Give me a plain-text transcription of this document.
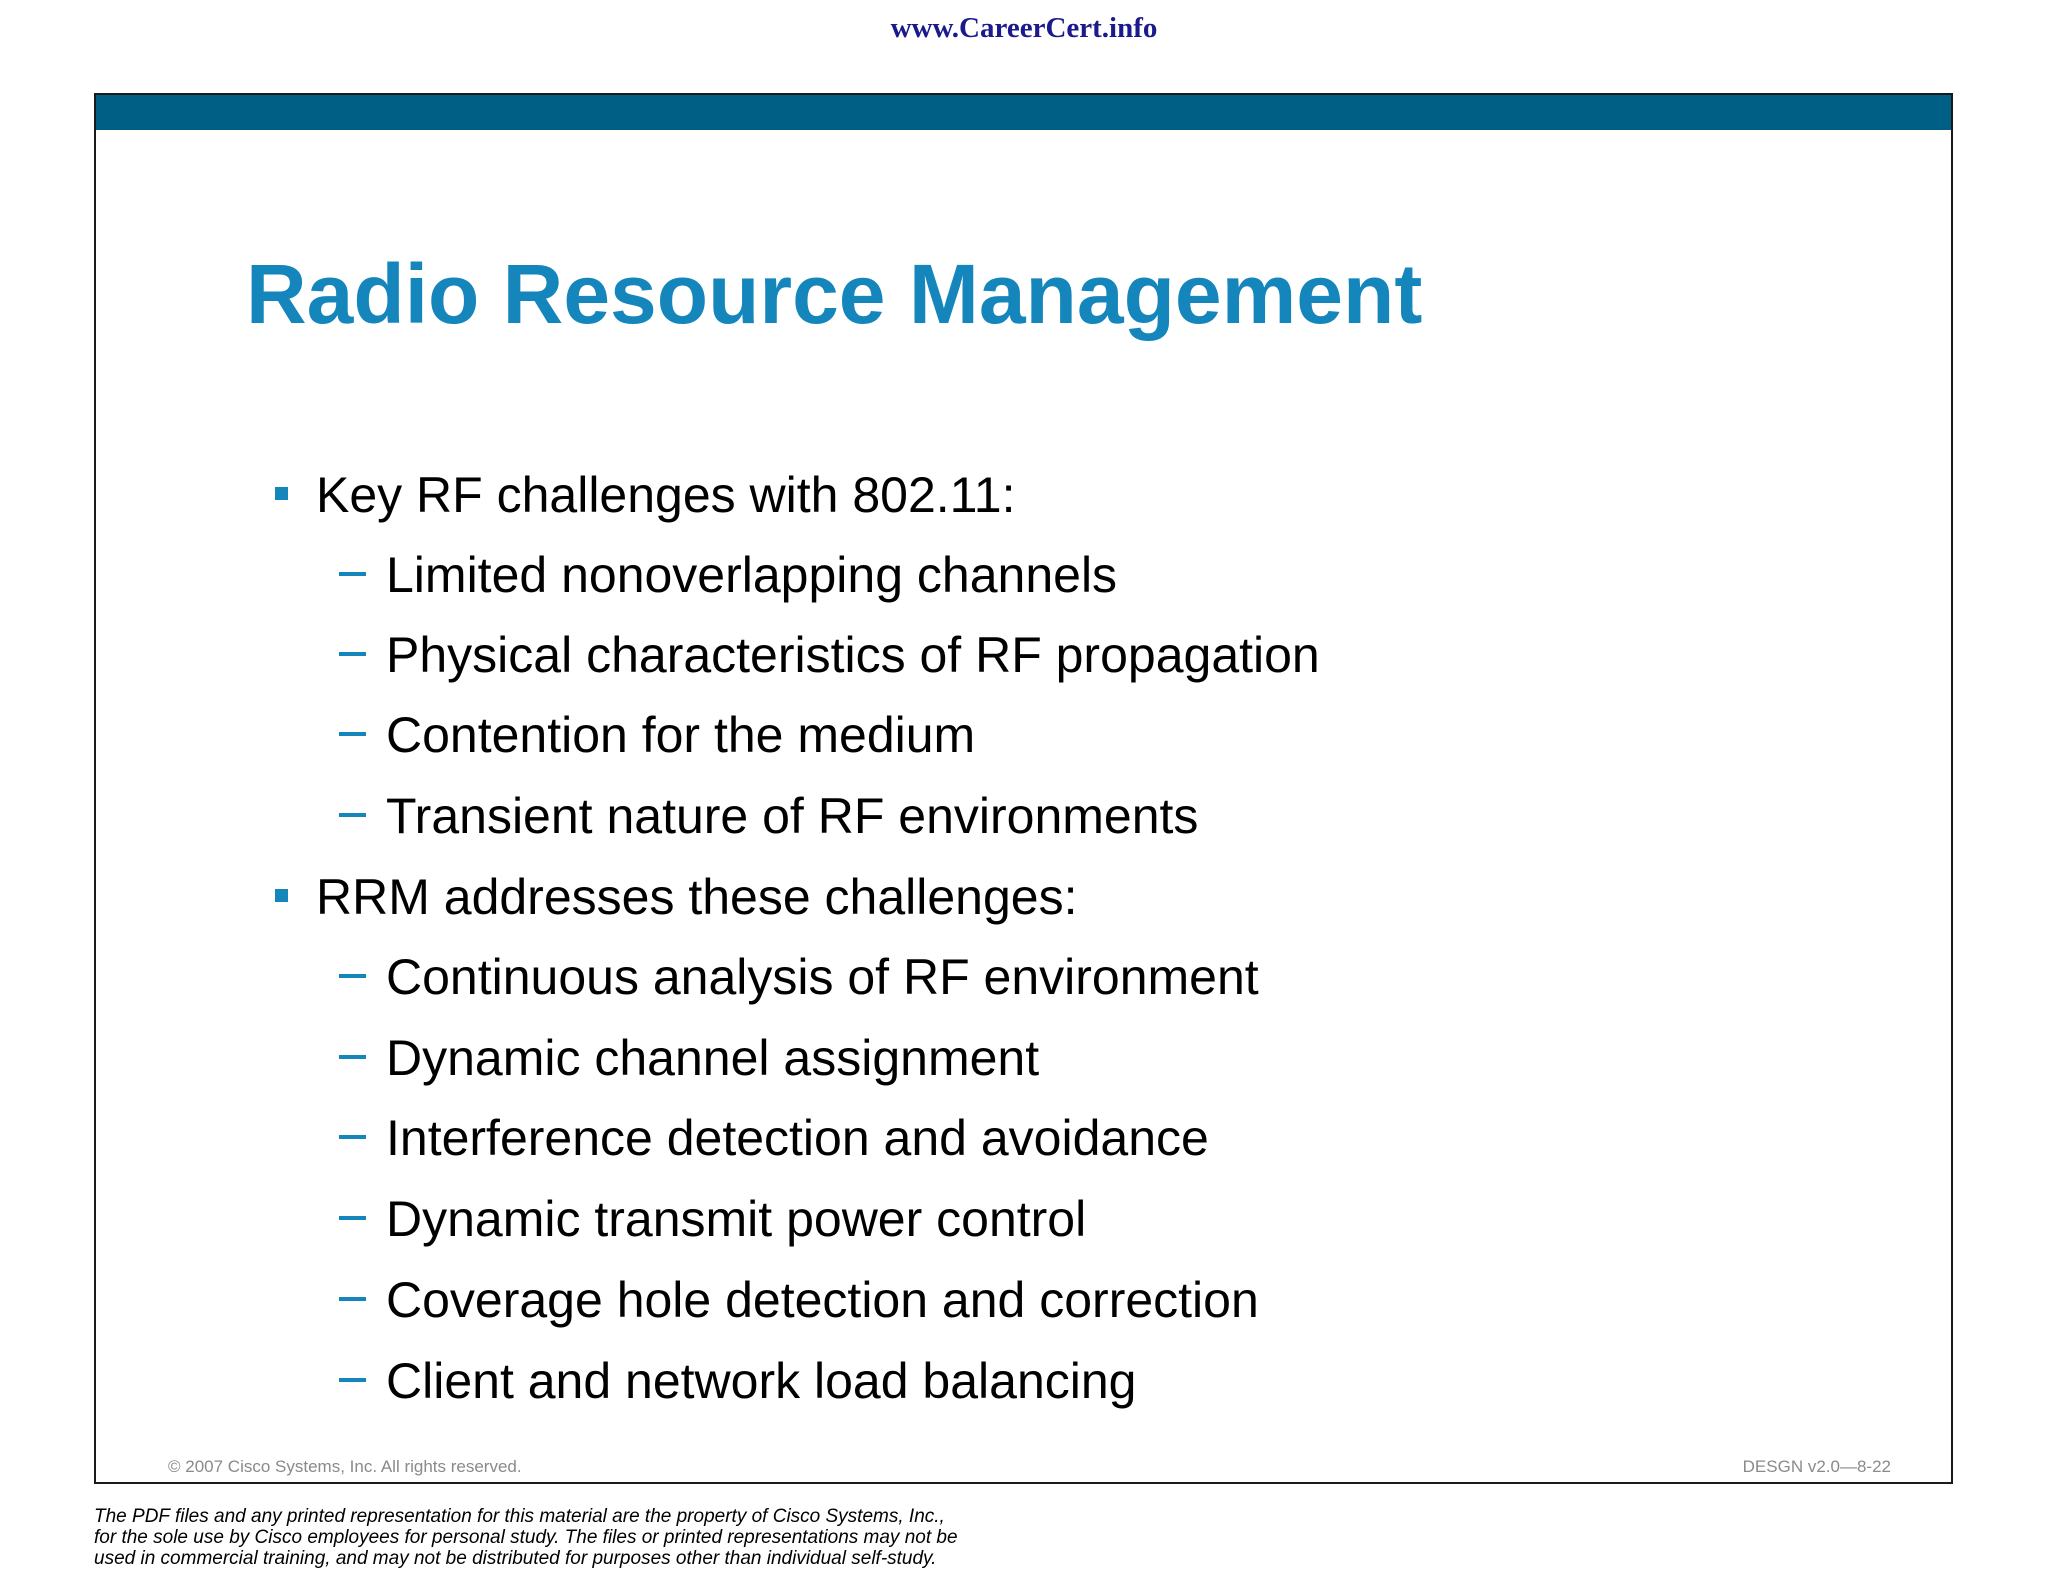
www.CareerCert.info
Radio Resource Management
Key RF challenges with 802.11:
Limited nonoverlapping channels
Physical characteristics of RF propagation
Contention for the medium
Transient nature of RF environments
RRM addresses these challenges:
Continuous analysis of RF environment
Dynamic channel assignment
Interference detection and avoidance
Dynamic transmit power control
Coverage hole detection and correction
Client and network load balancing
© 2007 Cisco Systems, Inc. All rights reserved.	DESGN v2.0—8-22
The PDF files and any printed representation for this material are the property of Cisco Systems, Inc.,
for the sole use by Cisco employees for personal study. The files or printed representations may not be
used in commercial training, and may not be distributed for purposes other than individual self-study.
